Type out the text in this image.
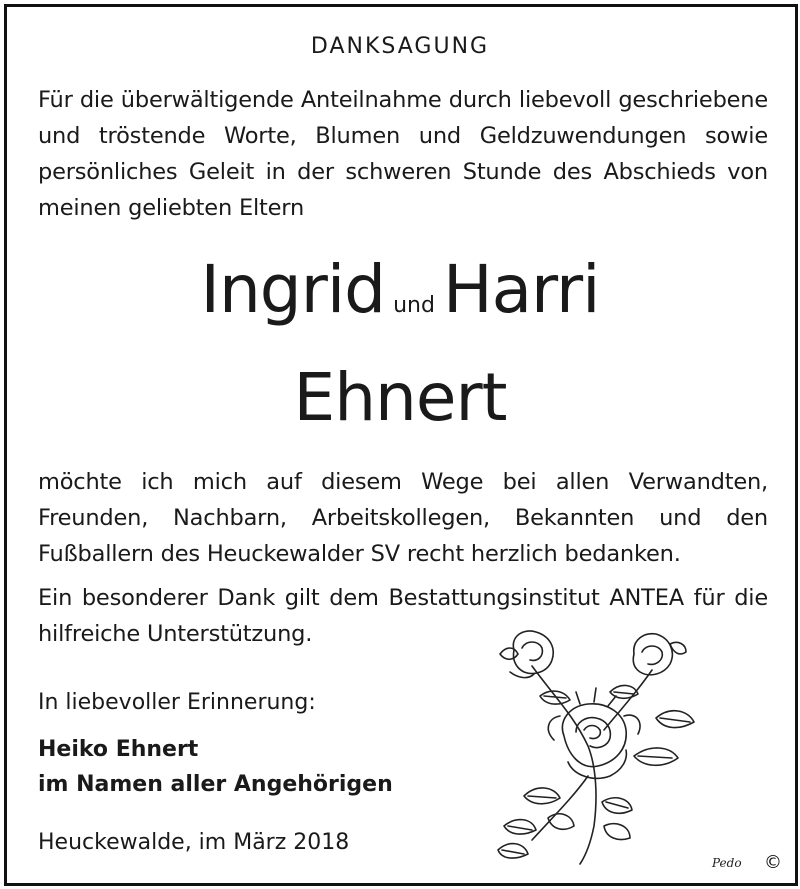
DANKSAGUNG
Für die überwältigende Anteilnahme durch liebevoll geschriebene und tröstende Worte, Blumen und Geldzuwendungen sowie persönliches Geleit in der schweren Stunde des Abschieds von meinen geliebten Eltern
Ingrid und Harri
Ehnert
möchte ich mich auf diesem Wege bei allen Verwandten, Freunden, Nachbarn, Arbeitskollegen, Bekannten und den Fußballern des Heuckewalder SV recht herzlich bedanken.
Ein besonderer Dank gilt dem Bestattungsinstitut ANTEA für die hilfreiche Unterstützung.
In liebevoller Erinnerung:
Heiko Ehnert
im Namen aller Angehörigen
Heuckewalde, im März 2018
Pedo ©
